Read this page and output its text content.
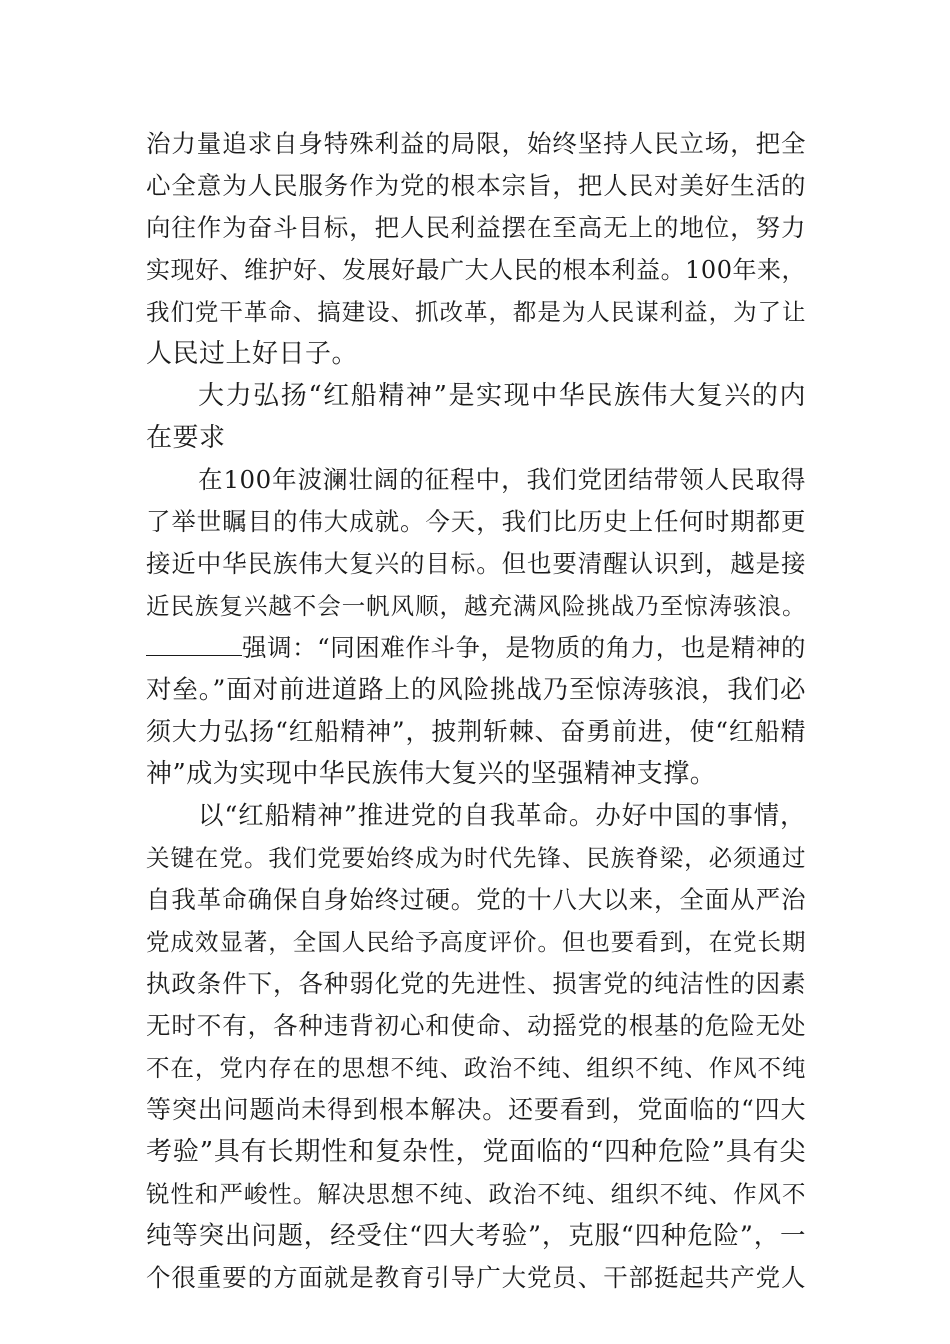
治力量追求自身特殊利益的局限，始终坚持人民立场，把全
心全意为人民服务作为党的根本宗旨，把人民对美好生活的
向往作为奋斗目标，把人民利益摆在至高无上的地位，努力
实现好、维护好、发展好最广大人民的根本利益。100年来，
我们党干革命、搞建设、抓改革，都是为人民谋利益，为了让
人民过上好日子。
大力弘扬“红船精神”是实现中华民族伟大复兴的内
在要求
在100年波澜壮阔的征程中，我们党团结带领人民取得
了举世瞩目的伟大成就。今天，我们比历史上任何时期都更
接近中华民族伟大复兴的目标。但也要清醒认识到，越是接
近民族复兴越不会一帆风顺，越充满风险挑战乃至惊涛骇浪。
强调：“同困难作斗争，是物质的角力，也是精神的
对垒。”面对前进道路上的风险挑战乃至惊涛骇浪，我们必
须大力弘扬“红船精神”，披荆斩棘、奋勇前进，使“红船精
神”成为实现中华民族伟大复兴的坚强精神支撑。
以“红船精神”推进党的自我革命。办好中国的事情，
关键在党。我们党要始终成为时代先锋、民族脊梁，必须通过
自我革命确保自身始终过硬。党的十八大以来，全面从严治
党成效显著，全国人民给予高度评价。但也要看到，在党长期
执政条件下，各种弱化党的先进性、损害党的纯洁性的因素
无时不有，各种违背初心和使命、动摇党的根基的危险无处
不在，党内存在的思想不纯、政治不纯、组织不纯、作风不纯
等突出问题尚未得到根本解决。还要看到，党面临的“四大
考验”具有长期性和复杂性，党面临的“四种危险”具有尖
锐性和严峻性。解决思想不纯、政治不纯、组织不纯、作风不
纯等突出问题，经受住“四大考验”，克服“四种危险”，一
个很重要的方面就是教育引导广大党员、干部挺起共产党人
